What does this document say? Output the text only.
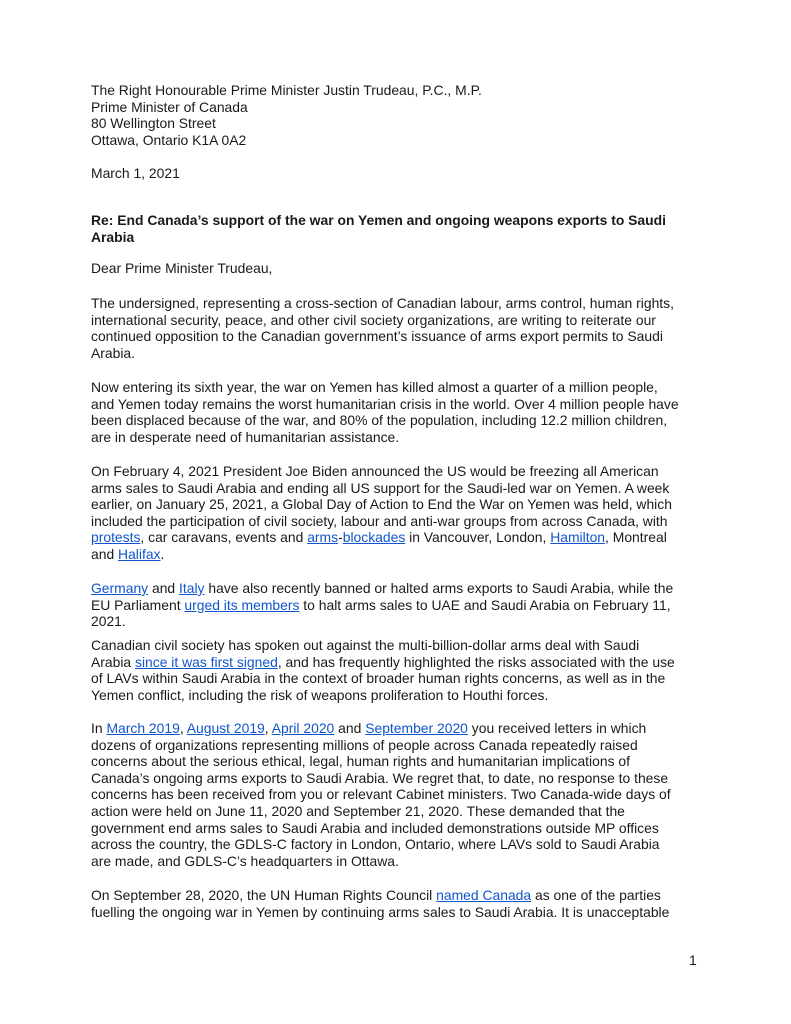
The Right Honourable Prime Minister Justin Trudeau, P.C., M.P.
Prime Minister of Canada
80 Wellington Street
Ottawa, Ontario K1A 0A2
March 1, 2021
Re: End Canada’s support of the war on Yemen and ongoing weapons exports to Saudi
Arabia
Dear Prime Minister Trudeau,
The undersigned, representing a cross-section of Canadian labour, arms control, human rights,
international security, peace, and other civil society organizations, are writing to reiterate our
continued opposition to the Canadian government’s issuance of arms export permits to Saudi
Arabia.
Now entering its sixth year, the war on Yemen has killed almost a quarter of a million people,
and Yemen today remains the worst humanitarian crisis in the world. Over 4 million people have
been displaced because of the war, and 80% of the population, including 12.2 million children,
are in desperate need of humanitarian assistance.
On February 4, 2021 President Joe Biden announced the US would be freezing all American
arms sales to Saudi Arabia and ending all US support for the Saudi-led war on Yemen. A week
earlier, on January 25, 2021, a Global Day of Action to End the War on Yemen was held, which
included the participation of civil society, labour and anti-war groups from across Canada, with
protests, car caravans, events and arms-blockades in Vancouver, London, Hamilton, Montreal
and Halifax.
Germany and Italy have also recently banned or halted arms exports to Saudi Arabia, while the
EU Parliament urged its members to halt arms sales to UAE and Saudi Arabia on February 11,
2021.
Canadian civil society has spoken out against the multi-billion-dollar arms deal with Saudi
Arabia since it was first signed, and has frequently highlighted the risks associated with the use
of LAVs within Saudi Arabia in the context of broader human rights concerns, as well as in the
Yemen conflict, including the risk of weapons proliferation to Houthi forces.
In March 2019, August 2019, April 2020 and September 2020 you received letters in which
dozens of organizations representing millions of people across Canada repeatedly raised
concerns about the serious ethical, legal, human rights and humanitarian implications of
Canada’s ongoing arms exports to Saudi Arabia. We regret that, to date, no response to these
concerns has been received from you or relevant Cabinet ministers. Two Canada-wide days of
action were held on June 11, 2020 and September 21, 2020. These demanded that the
government end arms sales to Saudi Arabia and included demonstrations outside MP offices
across the country, the GDLS-C factory in London, Ontario, where LAVs sold to Saudi Arabia
are made, and GDLS-C’s headquarters in Ottawa.
On September 28, 2020, the UN Human Rights Council named Canada as one of the parties
fuelling the ongoing war in Yemen by continuing arms sales to Saudi Arabia. It is unacceptable
1
